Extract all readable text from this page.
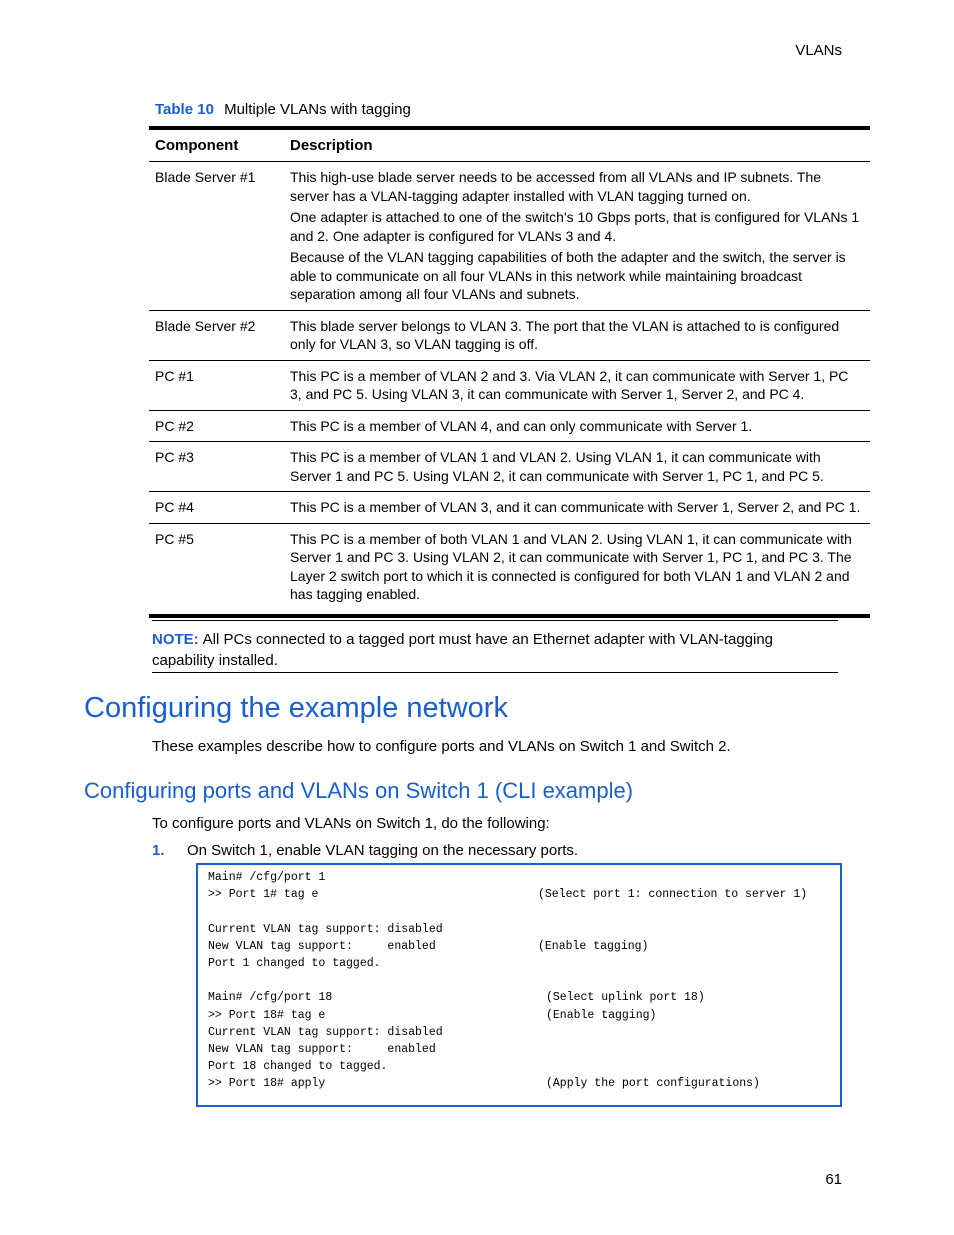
VLANs
Table 10 Multiple VLANs with tagging
Component	Description
Blade Server #1	This high-use blade server needs to be accessed from all VLANs and IP subnets. The server has a VLAN-tagging adapter installed with VLAN tagging turned on.

One adapter is attached to one of the switch's 10 Gbps ports, that is configured for VLANs 1 and 2. One adapter is configured for VLANs 3 and 4.

Because of the VLAN tagging capabilities of both the adapter and the switch, the server is able to communicate on all four VLANs in this network while maintaining broadcast separation among all four VLANs and subnets.

Blade Server #2	This blade server belongs to VLAN 3. The port that the VLAN is attached to is configured only for VLAN 3, so VLAN tagging is off.

PC #1	This PC is a member of VLAN 2 and 3. Via VLAN 2, it can communicate with Server 1, PC 3, and PC 5. Using VLAN 3, it can communicate with Server 1, Server 2, and PC 4.

PC #2	This PC is a member of VLAN 4, and can only communicate with Server 1.

PC #3	This PC is a member of VLAN 1 and VLAN 2. Using VLAN 1, it can communicate with Server 1 and PC 5. Using VLAN 2, it can communicate with Server 1, PC 1, and PC 5.

PC #4	This PC is a member of VLAN 3, and it can communicate with Server 1, Server 2, and PC 1.

PC #5	This PC is a member of both VLAN 1 and VLAN 2. Using VLAN 1, it can communicate with Server 1 and PC 3. Using VLAN 2, it can communicate with Server 1, PC 1, and PC 3. The Layer 2 switch port to which it is connected is configured for both VLAN 1 and VLAN 2 and has tagging enabled.

NOTE: All PCs connected to a tagged port must have an Ethernet adapter with VLAN-tagging capability installed.
Configuring the example network
These examples describe how to configure ports and VLANs on Switch 1 and Switch 2.
Configuring ports and VLANs on Switch 1 (CLI example)
To configure ports and VLANs on Switch 1, do the following:
1.	On Switch 1, enable VLAN tagging on the necessary ports.
Main# /cfg/port 1
>> Port 1# tag e	(Select port 1: connection to server 1)
Current VLAN tag support: disabled
New VLAN tag support:     enabled	(Enable tagging)
Port 1 changed to tagged.
Main# /cfg/port 18	(Select uplink port 18)
>> Port 18# tag e	(Enable tagging)
Current VLAN tag support: disabled
New VLAN tag support:     enabled
Port 18 changed to tagged.
>> Port 18# apply	(Apply the port configurations)
61
